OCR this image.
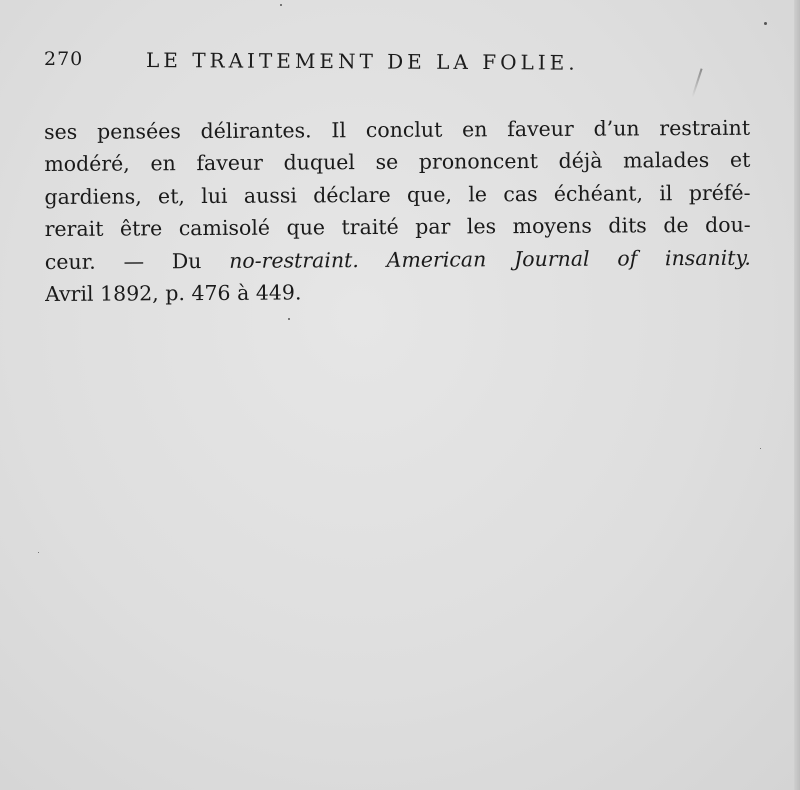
270	LE TRAITEMENT DE LA FOLIE.
ses pensées délirantes. Il conclut en faveur d’un restraint
modéré, en faveur duquel se prononcent déjà malades et
gardiens, et, lui aussi déclare que, le cas échéant, il préfé-
rerait être camisolé que traité par les moyens dits de dou-
ceur. — Du no-restraint. American Journal of insanity.
Avril 1892, p. 476 à 449.
